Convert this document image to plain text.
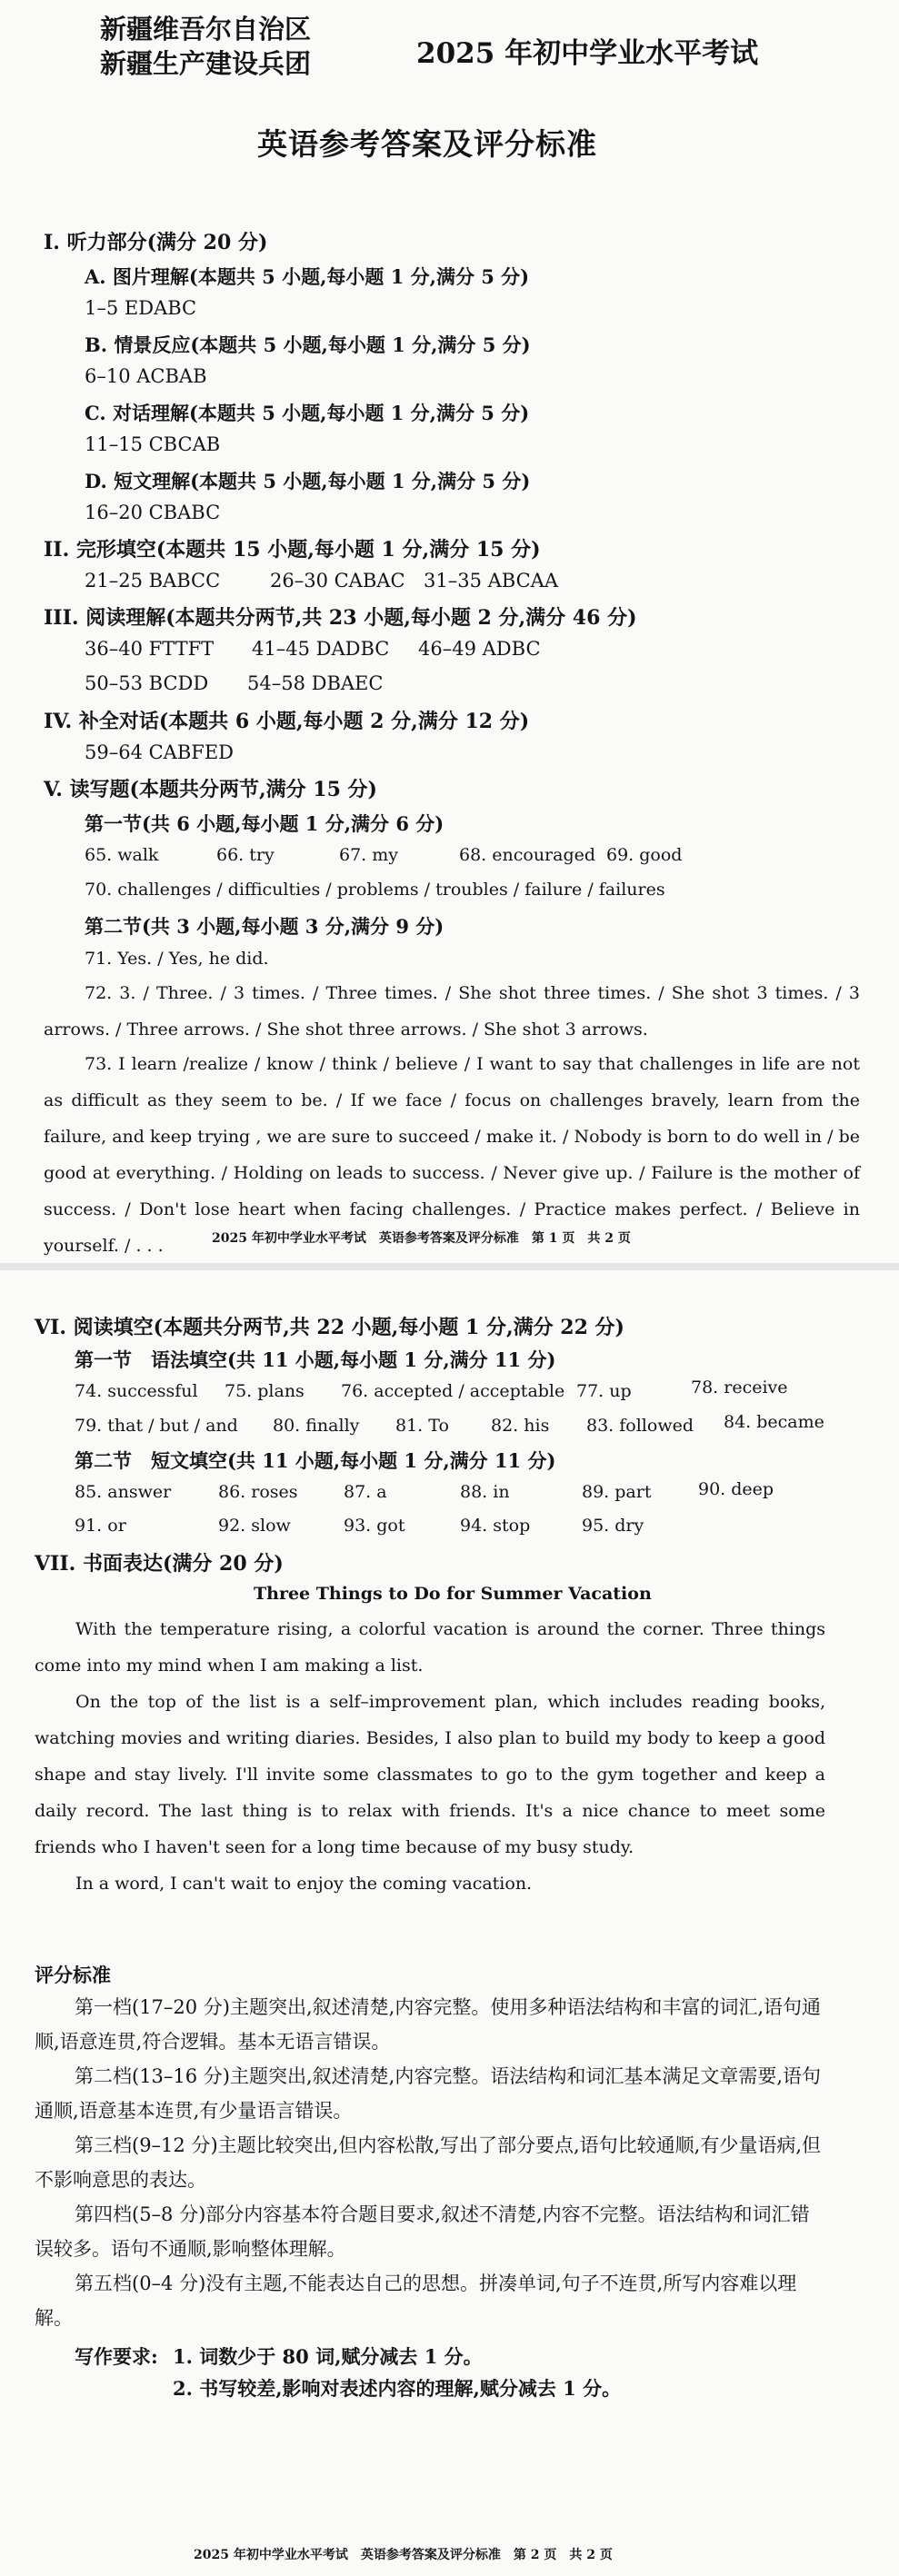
新疆维吾尔自治区
新疆生产建设兵团	2025 年初中学业水平考试
英语参考答案及评分标准
I. 听力部分(满分 20 分)
A. 图片理解(本题共 5 小题,每小题 1 分,满分 5 分)
1–5 EDABC
B. 情景反应(本题共 5 小题,每小题 1 分,满分 5 分)
6–10 ACBAB
C. 对话理解(本题共 5 小题,每小题 1 分,满分 5 分)
11–15 CBCAB
D. 短文理解(本题共 5 小题,每小题 1 分,满分 5 分)
16–20 CBABC
II. 完形填空(本题共 15 小题,每小题 1 分,满分 15 分)
21–25 BABCC	26–30 CABAC 31–35 ABCAA
III. 阅读理解(本题共分两节,共 23 小题,每小题 2 分,满分 46 分)
36–40 FTTFT 41–45 DADBC 46–49 ADBC
50–53 BCDD 54–58 DBAEC
IV. 补全对话(本题共 6 小题,每小题 2 分,满分 12 分)
59–64 CABFED
V. 读写题(本题共分两节,满分 15 分)
第一节(共 6 小题,每小题 1 分,满分 6 分)
65. walk	66. try	67. my	68. encouraged 69. good
70. challenges / difficulties / problems / troubles / failure / failures
第二节(共 3 小题,每小题 3 分,满分 9 分)
71. Yes. / Yes, he did.
72. 3. / Three. / 3 times. / Three times. / She shot three times. / She shot 3 times. / 3 arrows. / Three arrows. / She shot three arrows. / She shot 3 arrows.
73. I learn /realize / know / think / believe / I want to say that challenges in life are not as difficult as they seem to be. / If we face / focus on challenges bravely, learn from the failure, and keep trying , we are sure to succeed / make it. / Nobody is born to do well in / be good at everything. / Holding on leads to success. / Never give up. / Failure is the mother of success. / Don't lose heart when facing challenges. / Practice makes perfect. / Believe in yourself. / . . .	2025 年初中学业水平考试　英语参考答案及评分标准　第 1 页　共 2 页
VI. 阅读填空(本题共分两节,共 22 小题,每小题 1 分,满分 22 分)
第一节　语法填空(共 11 小题,每小题 1 分,满分 11 分)
74. successful 75. plans 76. accepted / acceptable 77. up	78. receive
79. that / but / and 80. finally 81. To 82. his 83. followed 84. became
第二节　短文填空(共 11 小题,每小题 1 分,满分 11 分)
85. answer	86. roses	87. a	88. in	89. part	90. deep
91. or	92. slow	93. got	94. stop	95. dry
VII. 书面表达(满分 20 分)
Three Things to Do for Summer Vacation
With the temperature rising, a colorful vacation is around the corner. Three things come into my mind when I am making a list.
On the top of the list is a self–improvement plan, which includes reading books, watching movies and writing diaries. Besides, I also plan to build my body to keep a good shape and stay lively. I'll invite some classmates to go to the gym together and keep a daily record. The last thing is to relax with friends. It's a nice chance to meet some friends who I haven't seen for a long time because of my busy study.
In a word, I can't wait to enjoy the coming vacation.
评分标准
第一档(17–20 分)主题突出,叙述清楚,内容完整。使用多种语法结构和丰富的词汇,语句通顺,语意连贯,符合逻辑。基本无语言错误。
第二档(13–16 分)主题突出,叙述清楚,内容完整。语法结构和词汇基本满足文章需要,语句通顺,语意基本连贯,有少量语言错误。
第三档(9–12 分)主题比较突出,但内容松散,写出了部分要点,语句比较通顺,有少量语病,但不影响意思的表达。
第四档(5–8 分)部分内容基本符合题目要求,叙述不清楚,内容不完整。语法结构和词汇错误较多。语句不通顺,影响整体理解。
第五档(0–4 分)没有主题,不能表达自己的思想。拼凑单词,句子不连贯,所写内容难以理解。
写作要求: 1. 词数少于 80 词,赋分减去 1 分。
2. 书写较差,影响对表述内容的理解,赋分减去 1 分。
2025 年初中学业水平考试　英语参考答案及评分标准　第 2 页　共 2 页
